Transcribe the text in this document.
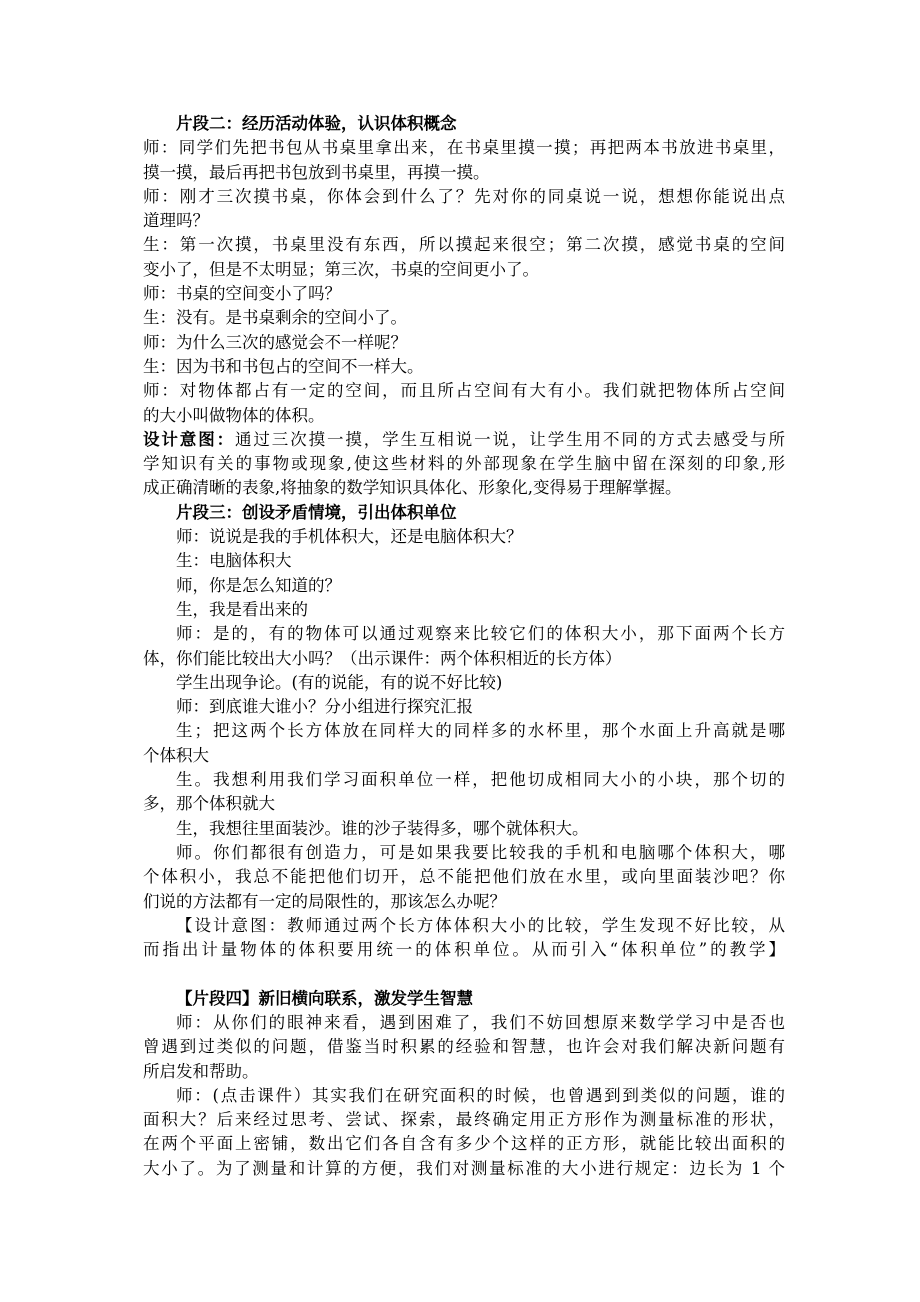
片段二：经历活动体验，认识体积概念
师：同学们先把书包从书桌里拿出来，在书桌里摸一摸；再把两本书放进书桌里，
摸一摸，最后再把书包放到书桌里，再摸一摸。
师：刚才三次摸书桌，你体会到什么了？先对你的同桌说一说，想想你能说出点
道理吗？
生：第一次摸，书桌里没有东西，所以摸起来很空；第二次摸，感觉书桌的空间
变小了，但是不太明显；第三次，书桌的空间更小了。
师：书桌的空间变小了吗？
生：没有。是书桌剩余的空间小了。
师：为什么三次的感觉会不一样呢？
生：因为书和书包占的空间不一样大。
师：对物体都占有一定的空间，而且所占空间有大有小。我们就把物体所占空间
的大小叫做物体的体积。
设计意图：通过三次摸一摸，学生互相说一说，让学生用不同的方式去感受与所
学知识有关的事物或现象,使这些材料的外部现象在学生脑中留在深刻的印象,形
成正确清晰的表象,将抽象的数学知识具体化、形象化,变得易于理解掌握。
片段三：创设矛盾情境，引出体积单位
师：说说是我的手机体积大，还是电脑体积大？
生：电脑体积大
师，你是怎么知道的？
生，我是看出来的
师：是的，有的物体可以通过观察来比较它们的体积大小，那下面两个长方
体，你们能比较出大小吗？（出示课件：两个体积相近的长方体）
学生出现争论。(有的说能，有的说不好比较)
师：到底谁大谁小？分小组进行探究汇报
生；把这两个长方体放在同样大的同样多的水杯里，那个水面上升高就是哪
个体积大
生。我想利用我们学习面积单位一样，把他切成相同大小的小块，那个切的
多，那个体积就大
生，我想往里面装沙。谁的沙子装得多，哪个就体积大。
师。你们都很有创造力，可是如果我要比较我的手机和电脑哪个体积大，哪
个体积小，我总不能把他们切开，总不能把他们放在水里，或向里面装沙吧？你
们说的方法都有一定的局限性的，那该怎么办呢？
【设计意图：教师通过两个长方体体积大小的比较，学生发现不好比较，从
而指出计量物体的体积要用统一的体积单位。从而引入“体积单位”的教学】
【片段四】新旧横向联系，激发学生智慧
师：从你们的眼神来看，遇到困难了，我们不妨回想原来数学学习中是否也
曾遇到过类似的问题，借鉴当时积累的经验和智慧，也许会对我们解决新问题有
所启发和帮助。
师：(点击课件）其实我们在研究面积的时候，也曾遇到到类似的问题，谁的
面积大？后来经过思考、尝试、探索，最终确定用正方形作为测量标准的形状，
在两个平面上密铺，数出它们各自含有多少个这样的正方形，就能比较出面积的
大小了。为了测量和计算的方便，我们对测量标准的大小进行规定：边长为 1 个
